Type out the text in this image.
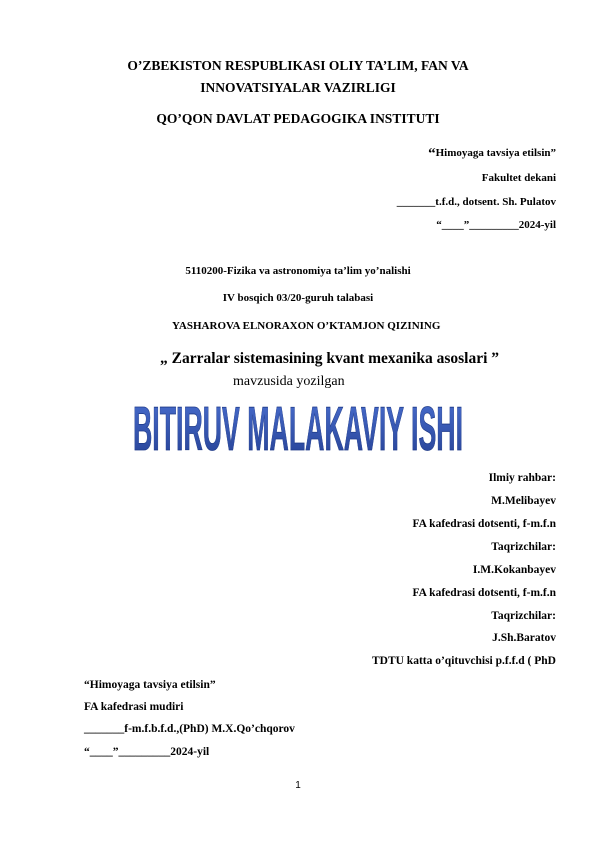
O’ZBEKISTON RESPUBLIKASI OLIY TA’LIM, FAN VA
INNOVATSIYALAR VAZIRLIGI
QO’QON DAVLAT PEDAGOGIKA INSTITUTI
“Himoyaga tavsiya etilsin”
Fakultet dekani
_______t.f.d., dotsent. Sh. Pulatov
“____”_________2024-yil
5110200-Fizika va astronomiya ta’lim yo’nalishi
IV bosqich 03/20-guruh talabasi
YASHAROVA ELNORAXON O’KTAMJON QIZINING
„ Zarralar sistemasining kvant mexanika asoslari ”
mavzusida yozilgan
BITIRUV MALAKAVIY ISHI
Ilmiy rahbar:
M.Melibayev
FA kafedrasi dotsenti, f-m.f.n
Taqrizchilar:
I.M.Kokanbayev
FA kafedrasi dotsenti, f-m.f.n
Taqrizchilar:
J.Sh.Baratov
TDTU katta o’qituvchisi p.f.f.d ( PhD
“Himoyaga tavsiya etilsin”
FA kafedrasi mudiri
_______f-m.f.b.f.d.,(PhD) M.X.Qo’chqorov
“____”_________2024-yil
1
